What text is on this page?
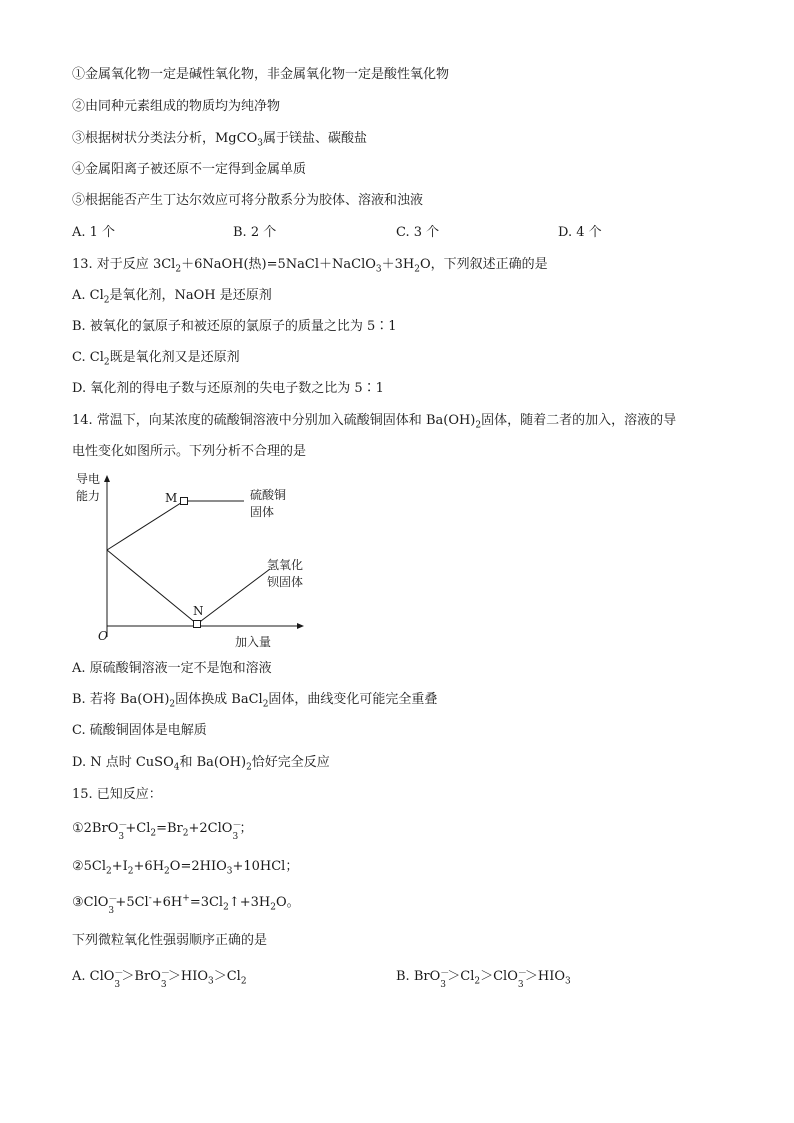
①金属氧化物一定是碱性氧化物，非金属氧化物一定是酸性氧化物
②由同种元素组成的物质均为纯净物
③根据树状分类法分析，MgCO$_3$属于镁盐、碳酸盐
④金属阳离子被还原不一定得到金属单质
⑤根据能否产生丁达尔效应可将分散系分为胶体、溶液和浊液
A. 1 个	B. 2 个	C. 3 个	D. 4 个
13. 对于反应 $3Cl_2+6NaOH$(热)$=5NaCl+NaClO_3+3H_2O$，下列叙述正确的是
A. $Cl_2$是氧化剂，NaOH 是还原剂
B. 被氧化的氯原子和被还原的氯原子的质量之比为 5∶1
C. $Cl_2$既是氧化剂又是还原剂
D. 氧化剂的得电子数与还原剂的失电子数之比为 5∶1
14. 常温下，向某浓度的硫酸铜溶液中分别加入硫酸铜固体和 $Ba(OH)_2$固体，随着二者的加入，溶液的导
电性变化如图所示。下列分析不合理的是
导电
能力
O	加入量
M
N
硫酸铜
固体
氢氧化
钡固体
A. 原硫酸铜溶液一定不是饱和溶液
B. 若将 $Ba(OH)_2$固体换成 BaCl$_2$固体，曲线变化可能完全重叠
C. 硫酸铜固体是电解质
D. N 点时 CuSO$_4$和 $Ba(OH)_2$恰好完全反应
15. 已知反应：
①2BrO －
3
$+Cl_2=Br_2+2ClO$ －
3
；
$②5Cl_2+I_2+6H_2O=2HIO_3+10HCl$；
③ClO －
3
$+5Cl^-+6H^+=3Cl_2↑+3H_2O$。
下列微粒氧化性强弱顺序正确的是
A. ClO －
3
＞BrO －
3
$>HIO_3>Cl_2$	B. BrO －
3
$>Cl_2>ClO$ －
3
$>HIO_3$
